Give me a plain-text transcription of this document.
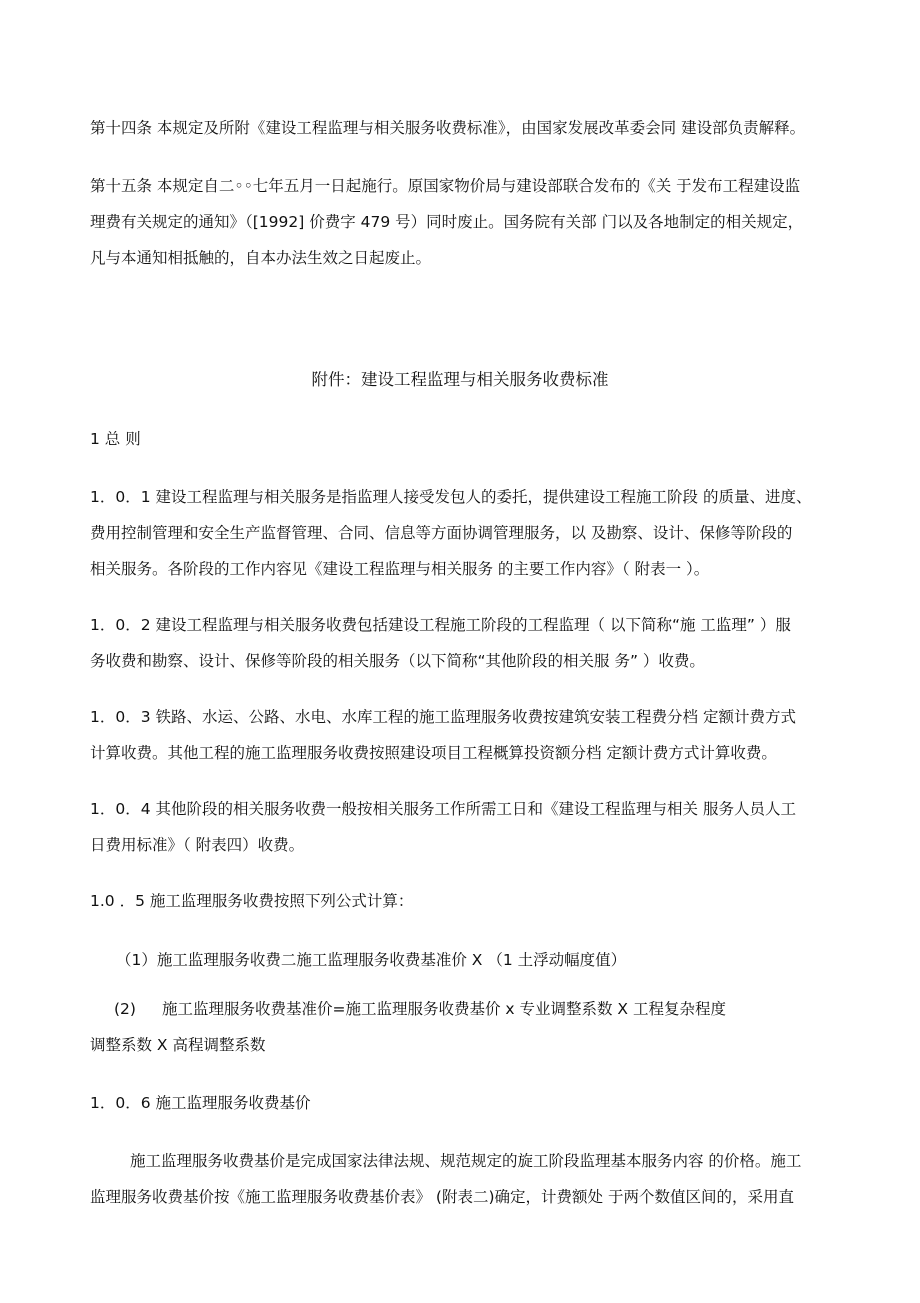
第十四条 本规定及所附《建设工程监理与相关服务收费标准》，由国家发展改革委会同 建设部负责解释。
第十五条 本规定自二◦◦七年五月一日起施行。原国家物价局与建设部联合发布的《关 于发布工程建设监
理费有关规定的通知》（[1992] 价费字 479 号）同时废止。国务院有关部 门以及各地制定的相关规定，
凡与本通知相抵触的，自本办法生效之日起废止。
附件：建设工程监理与相关服务收费标准
1 总 则
1．0．1 建设工程监理与相关服务是指监理人接受发包人的委托，提供建设工程施工阶段 的质量、进度、
费用控制管理和安全生产监督管理、合同、信息等方面协调管理服务，以 及勘察、设计、保修等阶段的
相关服务。各阶段的工作内容见《建设工程监理与相关服务 的主要工作内容》（ 附表一 ）。
1．0．2 建设工程监理与相关服务收费包括建设工程施工阶段的工程监理（ 以下简称“施 工监理” ）服
务收费和勘察、设计、保修等阶段的相关服务（以下简称“其他阶段的相关服 务” ）收费。
1．0．3 铁路、水运、公路、水电、水库工程的施工监理服务收费按建筑安装工程费分档 定额计费方式
计算收费。其他工程的施工监理服务收费按照建设项目工程概算投资额分档 定额计费方式计算收费。
1．0．4 其他阶段的相关服务收费一般按相关服务工作所需工日和《建设工程监理与相关 服务人员人工
日费用标准》（ 附表四）收费。
1.0 ．5 施工监理服务收费按照下列公式计算：
（1）施工监理服务收费二施工监理服务收费基准价 X （1 土浮动幅度值）
(2) 施工监理服务收费基准价=施工监理服务收费基价 x 专业调整系数 X 工程复杂程度
调整系数 X 高程调整系数
1．0．6 施工监理服务收费基价
施工监理服务收费基价是完成国家法律法规、规范规定的旋工阶段监理基本服务内容 的价格。施工
监理服务收费基价按《施工监理服务收费基价表》 (附表二)确定，计费额处 于两个数值区间的，采用直
